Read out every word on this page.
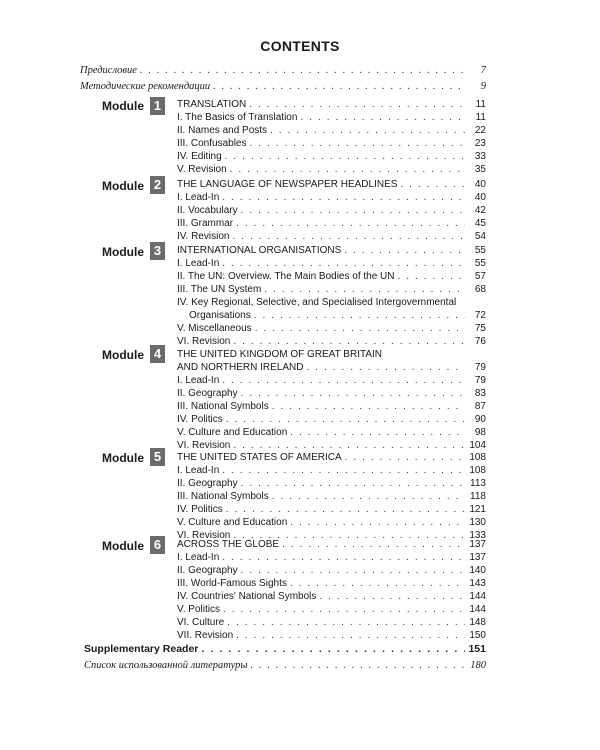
CONTENTS
Предисловие . . .	7
Методические рекомендации . . .	9
Module 1	TRANSLATION . . .	11
I. The Basics of Translation . . .	11
II. Names and Posts . . .	22
III. Confusables . . .	23
IV. Editing . . .	33
V. Revision . . .	35
Module 2	THE LANGUAGE OF NEWSPAPER HEADLINES . . .	40
I. Lead-In . . .	40
II. Vocabulary . . .	42
III. Grammar . . .	45
IV. Revision . . .	54
Module 3	INTERNATIONAL ORGANISATIONS . . .	55
I. Lead-In . . .	55
II. The UN: Overview. The Main Bodies of the UN . . .	57
III. The UN System . . .	68
IV. Key Regional, Selective, and Specialised Intergovernmental
Organisations . . .	72
V. Miscellaneous . . .	75
VI. Revision . . .	76
Module 4	THE UNITED KINGDOM OF GREAT BRITAIN
AND NORTHERN IRELAND . . .	79
I. Lead-In . . .	79
II. Geography . . .	83
III. National Symbols . . .	87
IV. Politics . . .	90
V. Culture and Education . . .	98
VI. Revision . . .	104
Module 5	THE UNITED STATES OF AMERICA . . .	108
I. Lead-In . . .	108
II. Geography . . .	113
III. National Symbols . . .	118
IV. Politics . . .	121
V. Culture and Education . . .	130
VI. Revision . . .	133
Module 6	ACROSS THE GLOBE . . .	137
I. Lead-In . . .	137
II. Geography . . .	140
III. World-Famous Sights . . .	143
IV. Countries' National Symbols . . .	144
V. Politics . . .	144
VI. Culture . . .	148
VII. Revision . . .	150
Supplementary Reader . . .	151
Список использованной литературы . . .	180
